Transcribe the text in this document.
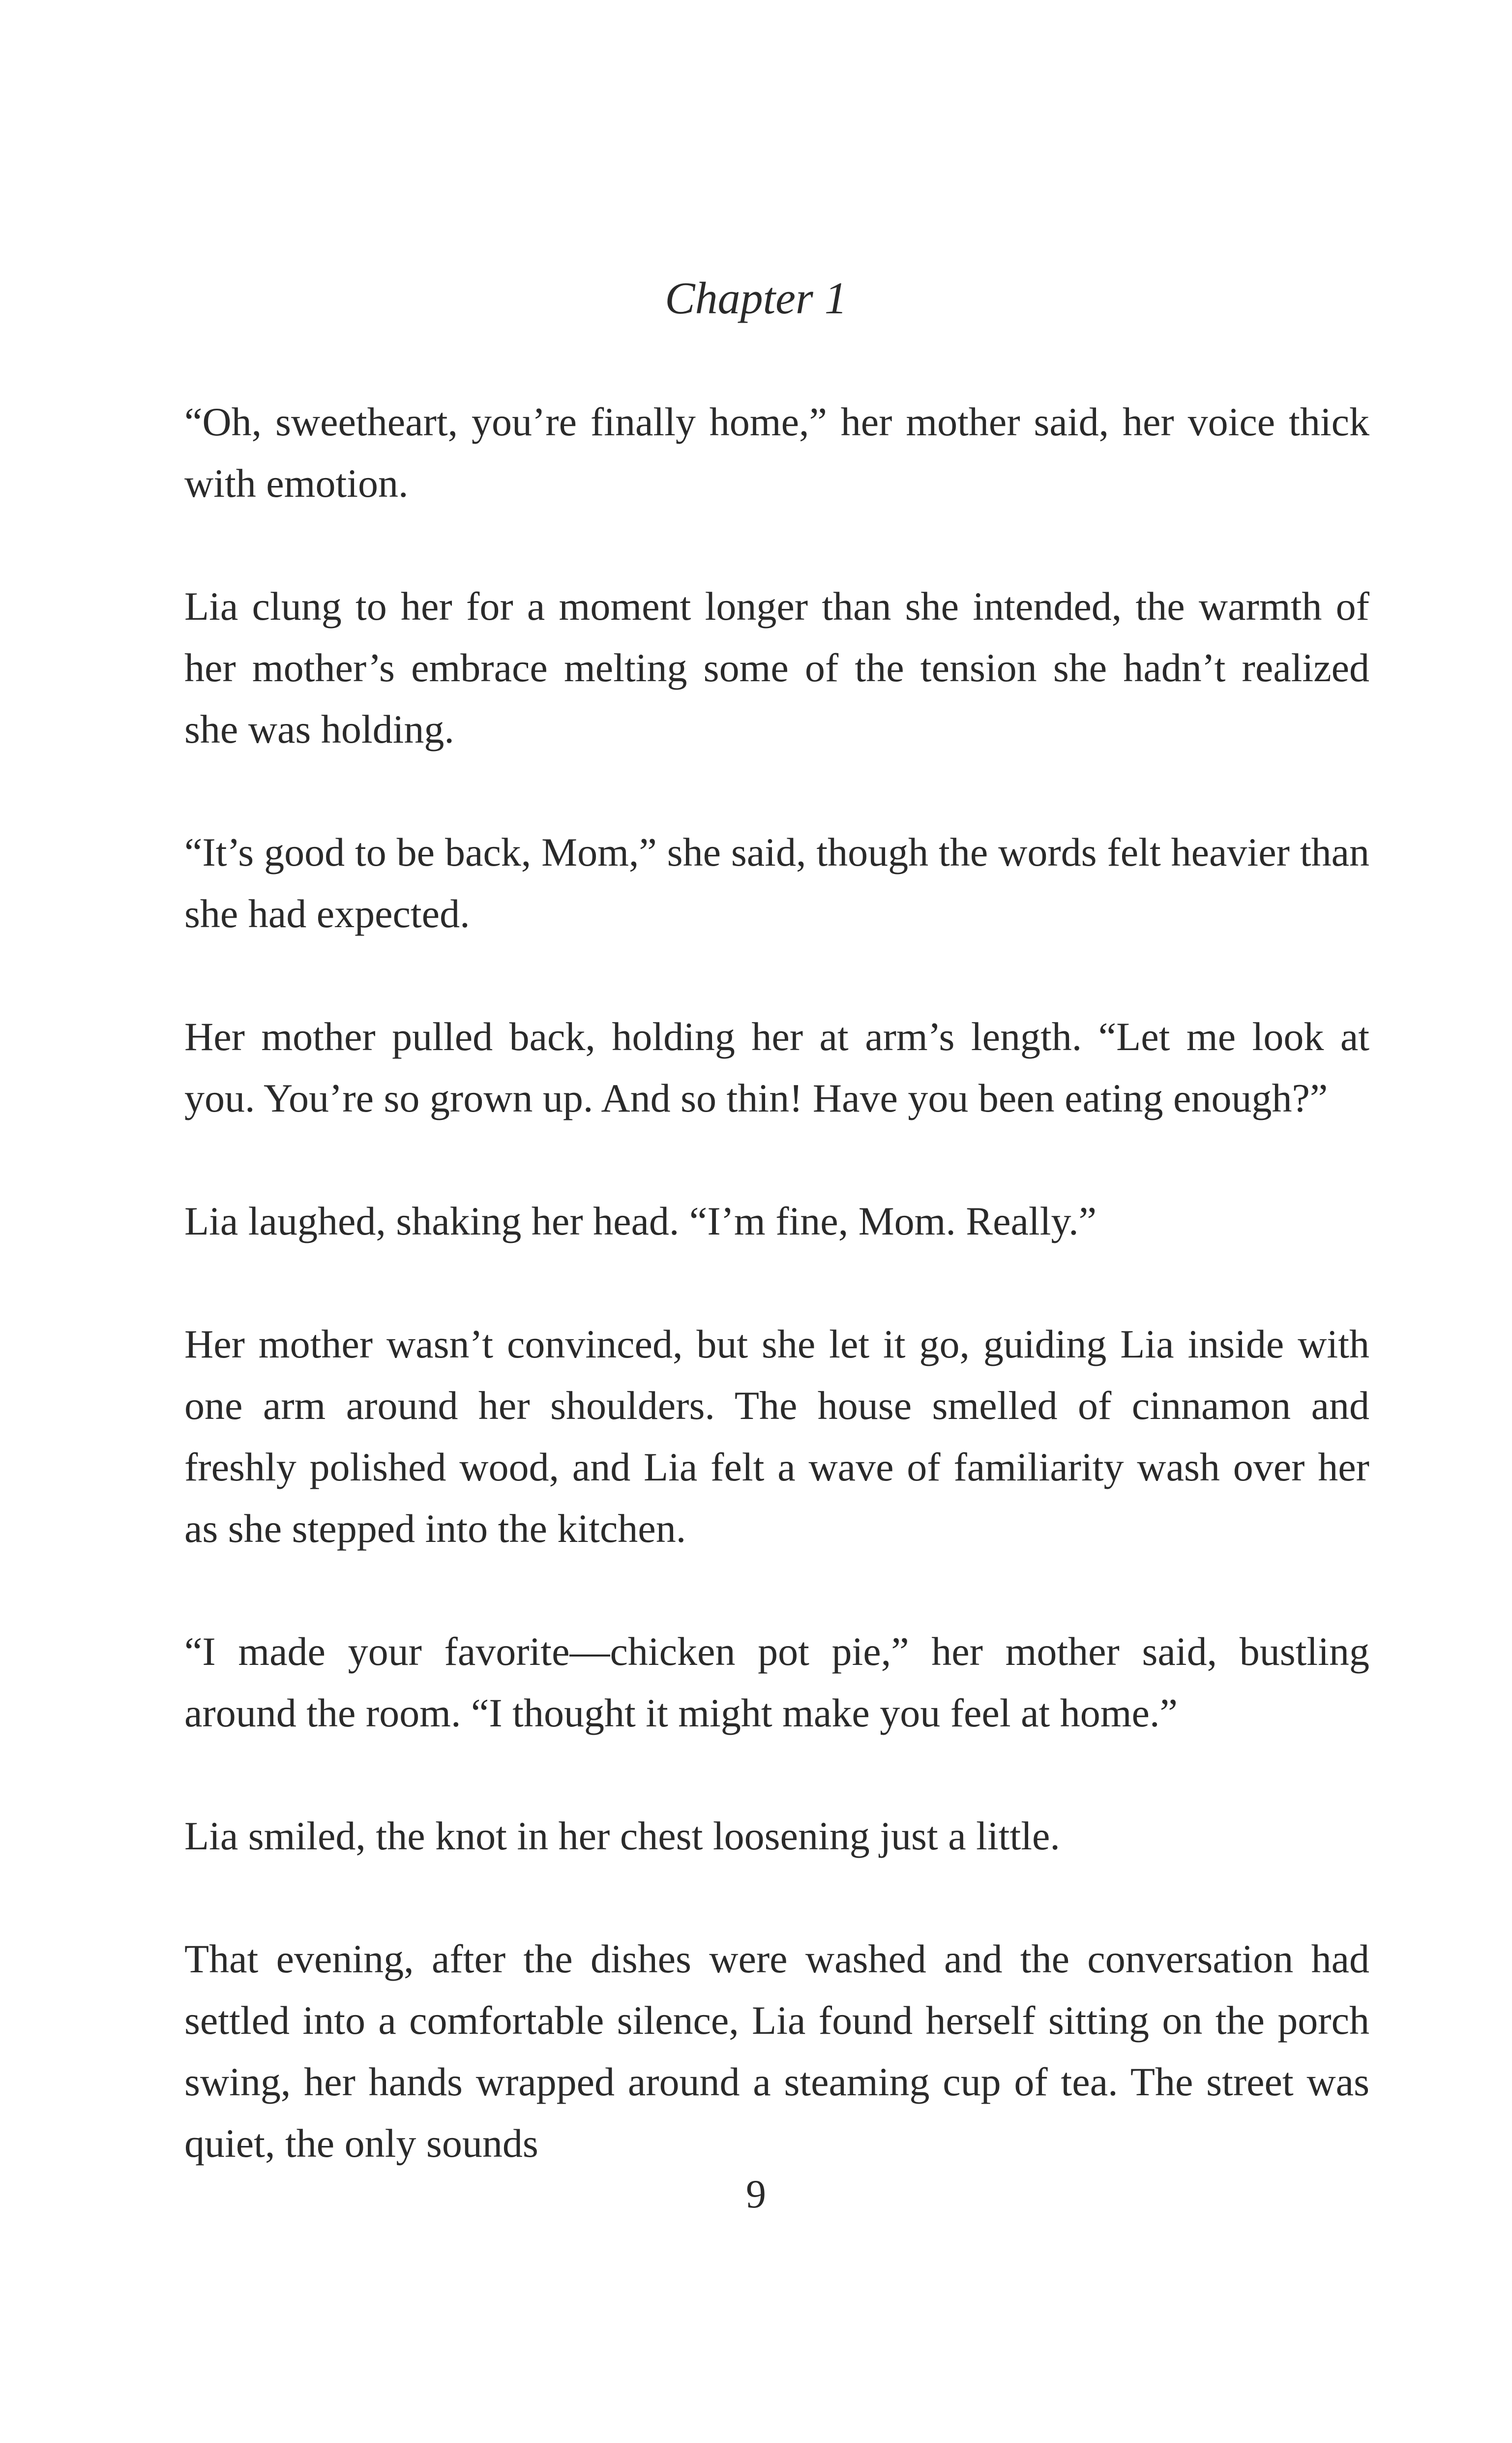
Chapter 1

“Oh, sweetheart, you’re finally home,” her mother said, her voice thick with emotion.

Lia clung to her for a moment longer than she intended, the warmth of her mother’s embrace melting some of the tension she hadn’t realized she was holding.

“It’s good to be back, Mom,” she said, though the words felt heavier than she had expected.

Her mother pulled back, holding her at arm’s length. “Let me look at you. You’re so grown up. And so thin! Have you been eating enough?”

Lia laughed, shaking her head. “I’m fine, Mom. Really.”

Her mother wasn’t convinced, but she let it go, guiding Lia inside with one arm around her shoulders. The house smelled of cinnamon and freshly polished wood, and Lia felt a wave of familiarity wash over her as she stepped into the kitchen.

“I made your favorite—chicken pot pie,” her mother said, bustling around the room. “I thought it might make you feel at home.”

Lia smiled, the knot in her chest loosening just a little.

That evening, after the dishes were washed and the conversation had settled into a comfortable silence, Lia found herself sitting on the porch swing, her hands wrapped around a steaming cup of tea. The street was quiet, the only sounds

9
